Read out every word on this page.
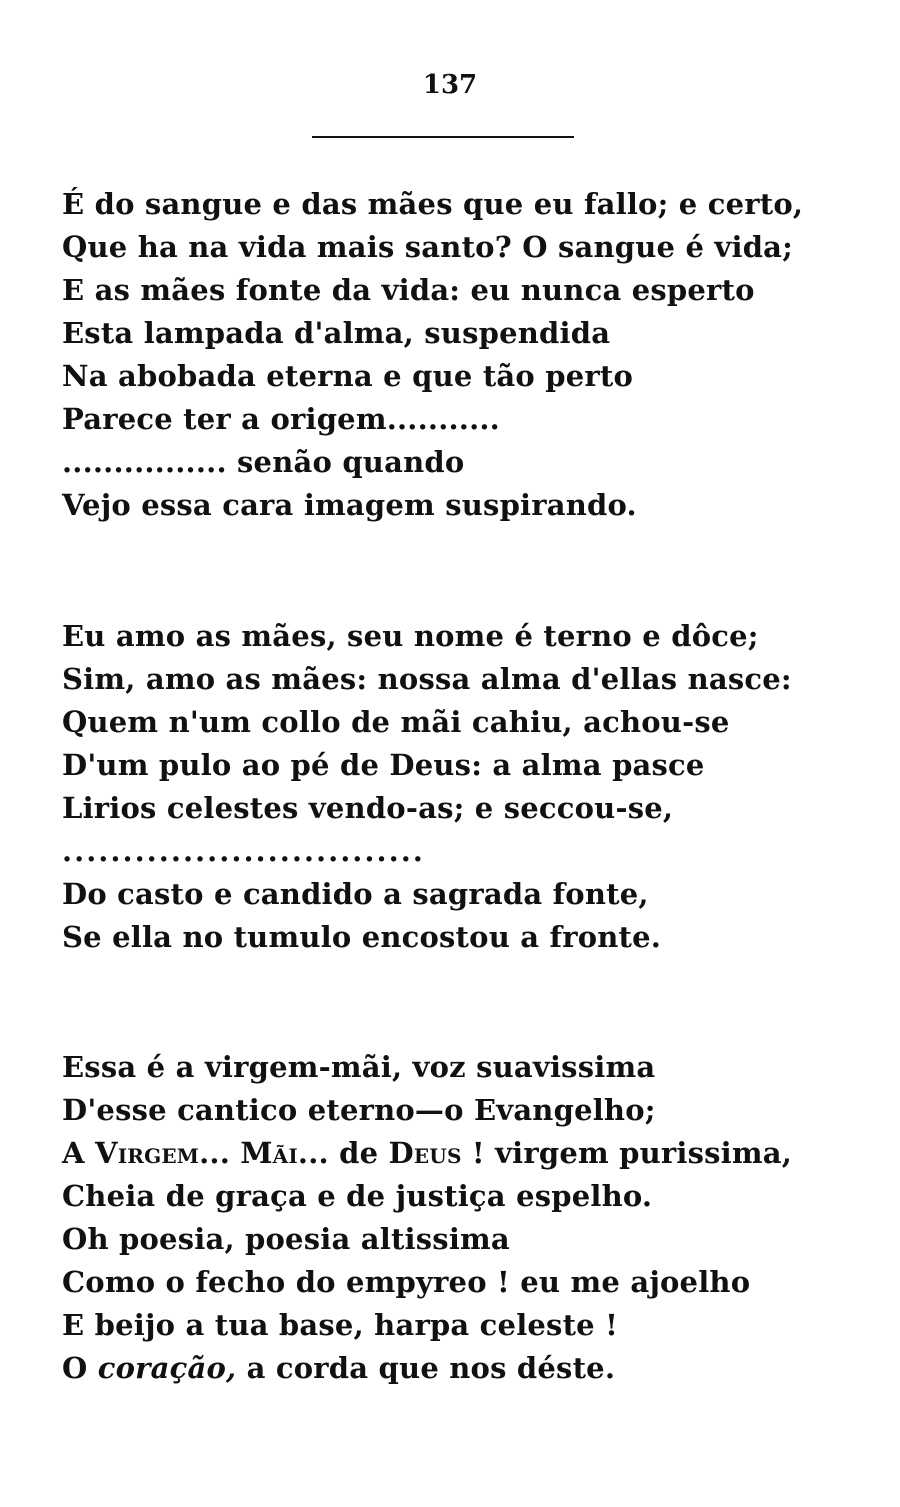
137
É do sangue e das mães que eu fallo; e certo,
Que ha na vida mais santo? O sangue é vida;
E as mães fonte da vida: eu nunca esperto
Esta lampada d'alma, suspendida
Na abobada eterna e que tão perto
Parece ter a origem...........
................ senão quando
Vejo essa cara imagem suspirando.
Eu amo as mães, seu nome é terno e dôce;
Sim, amo as mães: nossa alma d'ellas nasce:
Quem n'um collo de mãi cahiu, achou-se
D'um pulo ao pé de Deus: a alma pasce
Lirios celestes vendo-as; e seccou-se,
..............................
Do casto e candido a sagrada fonte,
Se ella no tumulo encostou a fronte.
Essa é a virgem-mãi, voz suavissima
D'esse cantico eterno—o Evangelho;
A Virgem... Mãi... de Deus ! virgem purissima,
Cheia de graça e de justiça espelho.
Oh poesia, poesia altissima
Como o fecho do empyreo ! eu me ajoelho
E beijo a tua base, harpa celeste !
O coração, a corda que nos déste.
